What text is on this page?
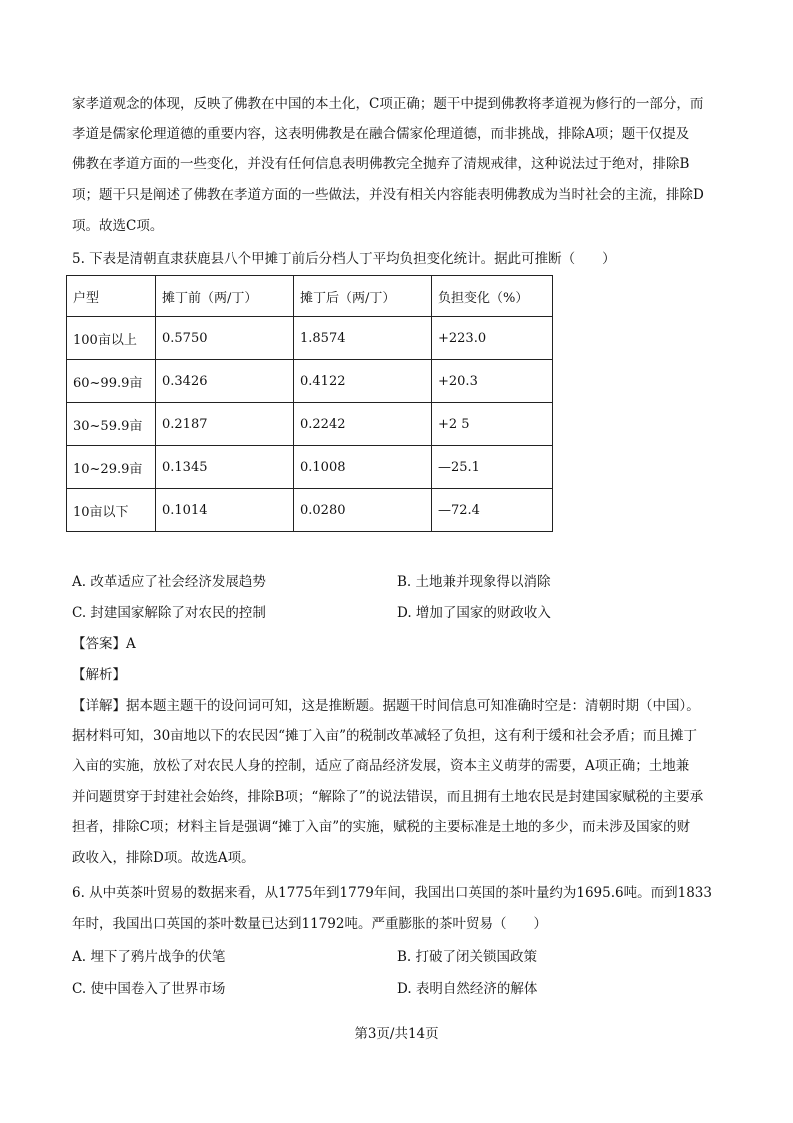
家孝道观念的体现，反映了佛教在中国的本土化，C项正确；题干中提到佛教将孝道视为修行的一部分，而
孝道是儒家伦理道德的重要内容，这表明佛教是在融合儒家伦理道德，而非挑战，排除A项；题干仅提及
佛教在孝道方面的一些变化，并没有任何信息表明佛教完全抛弃了清规戒律，这种说法过于绝对，排除B
项；题干只是阐述了佛教在孝道方面的一些做法，并没有相关内容能表明佛教成为当时社会的主流，排除D
项。故选C项。
5. 下表是清朝直隶获鹿县八个甲摊丁前后分档人丁平均负担变化统计。据此可推断（　　）
户型	摊丁前（两/丁）	摊丁后（两/丁）	负担变化（%）
100亩以上	0.5750	1.8574	+223.0
60~99.9亩	0.3426	0.4122	+20.3
30~59.9亩	0.2187	0.2242	+2 5
10~29.9亩	0.1345	0.1008	—25.1
10亩以下	0.1014	0.0280	—72.4
A. 改革适应了社会经济发展趋势	B. 土地兼并现象得以消除
C. 封建国家解除了对农民的控制	D. 增加了国家的财政收入
【答案】A
【解析】
【详解】据本题主题干的设问词可知，这是推断题。据题干时间信息可知准确时空是：清朝时期（中国）。
据材料可知，30亩地以下的农民因“摊丁入亩”的税制改革减轻了负担，这有利于缓和社会矛盾；而且摊丁
入亩的实施，放松了对农民人身的控制，适应了商品经济发展，资本主义萌芽的需要，A项正确；土地兼
并问题贯穿于封建社会始终，排除B项；“解除了”的说法错误，而且拥有土地农民是封建国家赋税的主要承
担者，排除C项；材料主旨是强调“摊丁入亩”的实施，赋税的主要标准是土地的多少，而未涉及国家的财
政收入，排除D项。故选A项。
6. 从中英茶叶贸易的数据来看，从1775年到1779年间，我国出口英国的茶叶量约为1695.6吨。而到1833
年时，我国出口英国的茶叶数量已达到11792吨。严重膨胀的茶叶贸易（　　）
A. 埋下了鸦片战争的伏笔	B. 打破了闭关锁国政策
C. 使中国卷入了世界市场	D. 表明自然经济的解体
第3页/共14页
